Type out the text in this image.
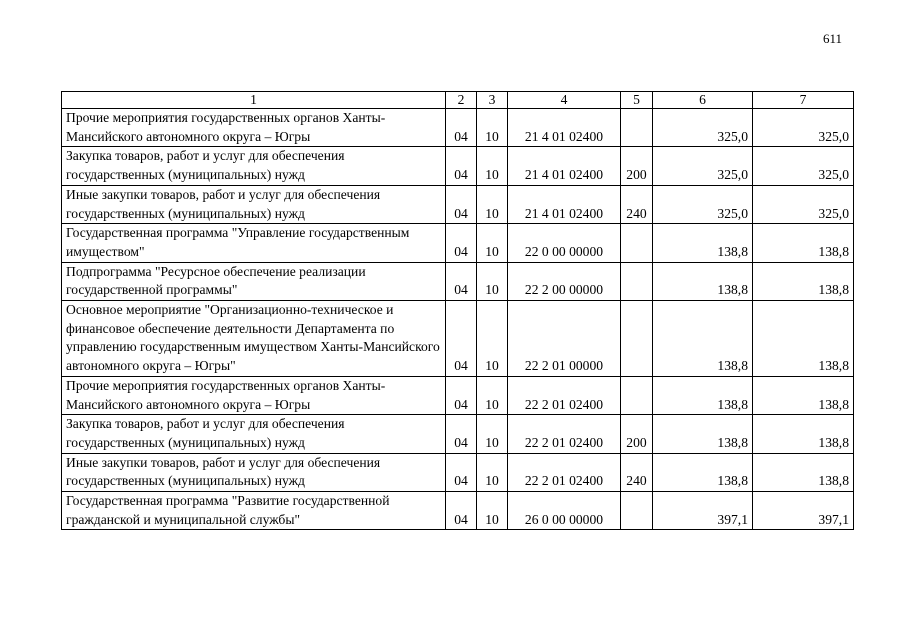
611
1	2	3	4	5	6	7
Прочие мероприятия государственных органов Ханты-Мансийского автономного округа – Югры	04	10	21 4 01 02400		325,0	325,0
Закупка товаров, работ и услуг для обеспечения государственных (муниципальных) нужд	04	10	21 4 01 02400	200	325,0	325,0
Иные закупки товаров, работ и услуг для обеспечения государственных (муниципальных) нужд	04	10	21 4 01 02400	240	325,0	325,0
Государственная программа "Управление государственным имуществом"	04	10	22 0 00 00000		138,8	138,8
Подпрограмма "Ресурсное обеспечение реализации государственной программы"	04	10	22 2 00 00000		138,8	138,8
Основное мероприятие "Организационно-техническое и финансовое обеспечение деятельности Департамента по управлению государственным имуществом Ханты-Мансийского автономного округа – Югры"	04	10	22 2 01 00000		138,8	138,8
Прочие мероприятия государственных органов Ханты-Мансийского автономного округа – Югры	04	10	22 2 01 02400		138,8	138,8
Закупка товаров, работ и услуг для обеспечения государственных (муниципальных) нужд	04	10	22 2 01 02400	200	138,8	138,8
Иные закупки товаров, работ и услуг для обеспечения государственных (муниципальных) нужд	04	10	22 2 01 02400	240	138,8	138,8
Государственная программа "Развитие государственной гражданской и муниципальной службы"	04	10	26 0 00 00000		397,1	397,1
